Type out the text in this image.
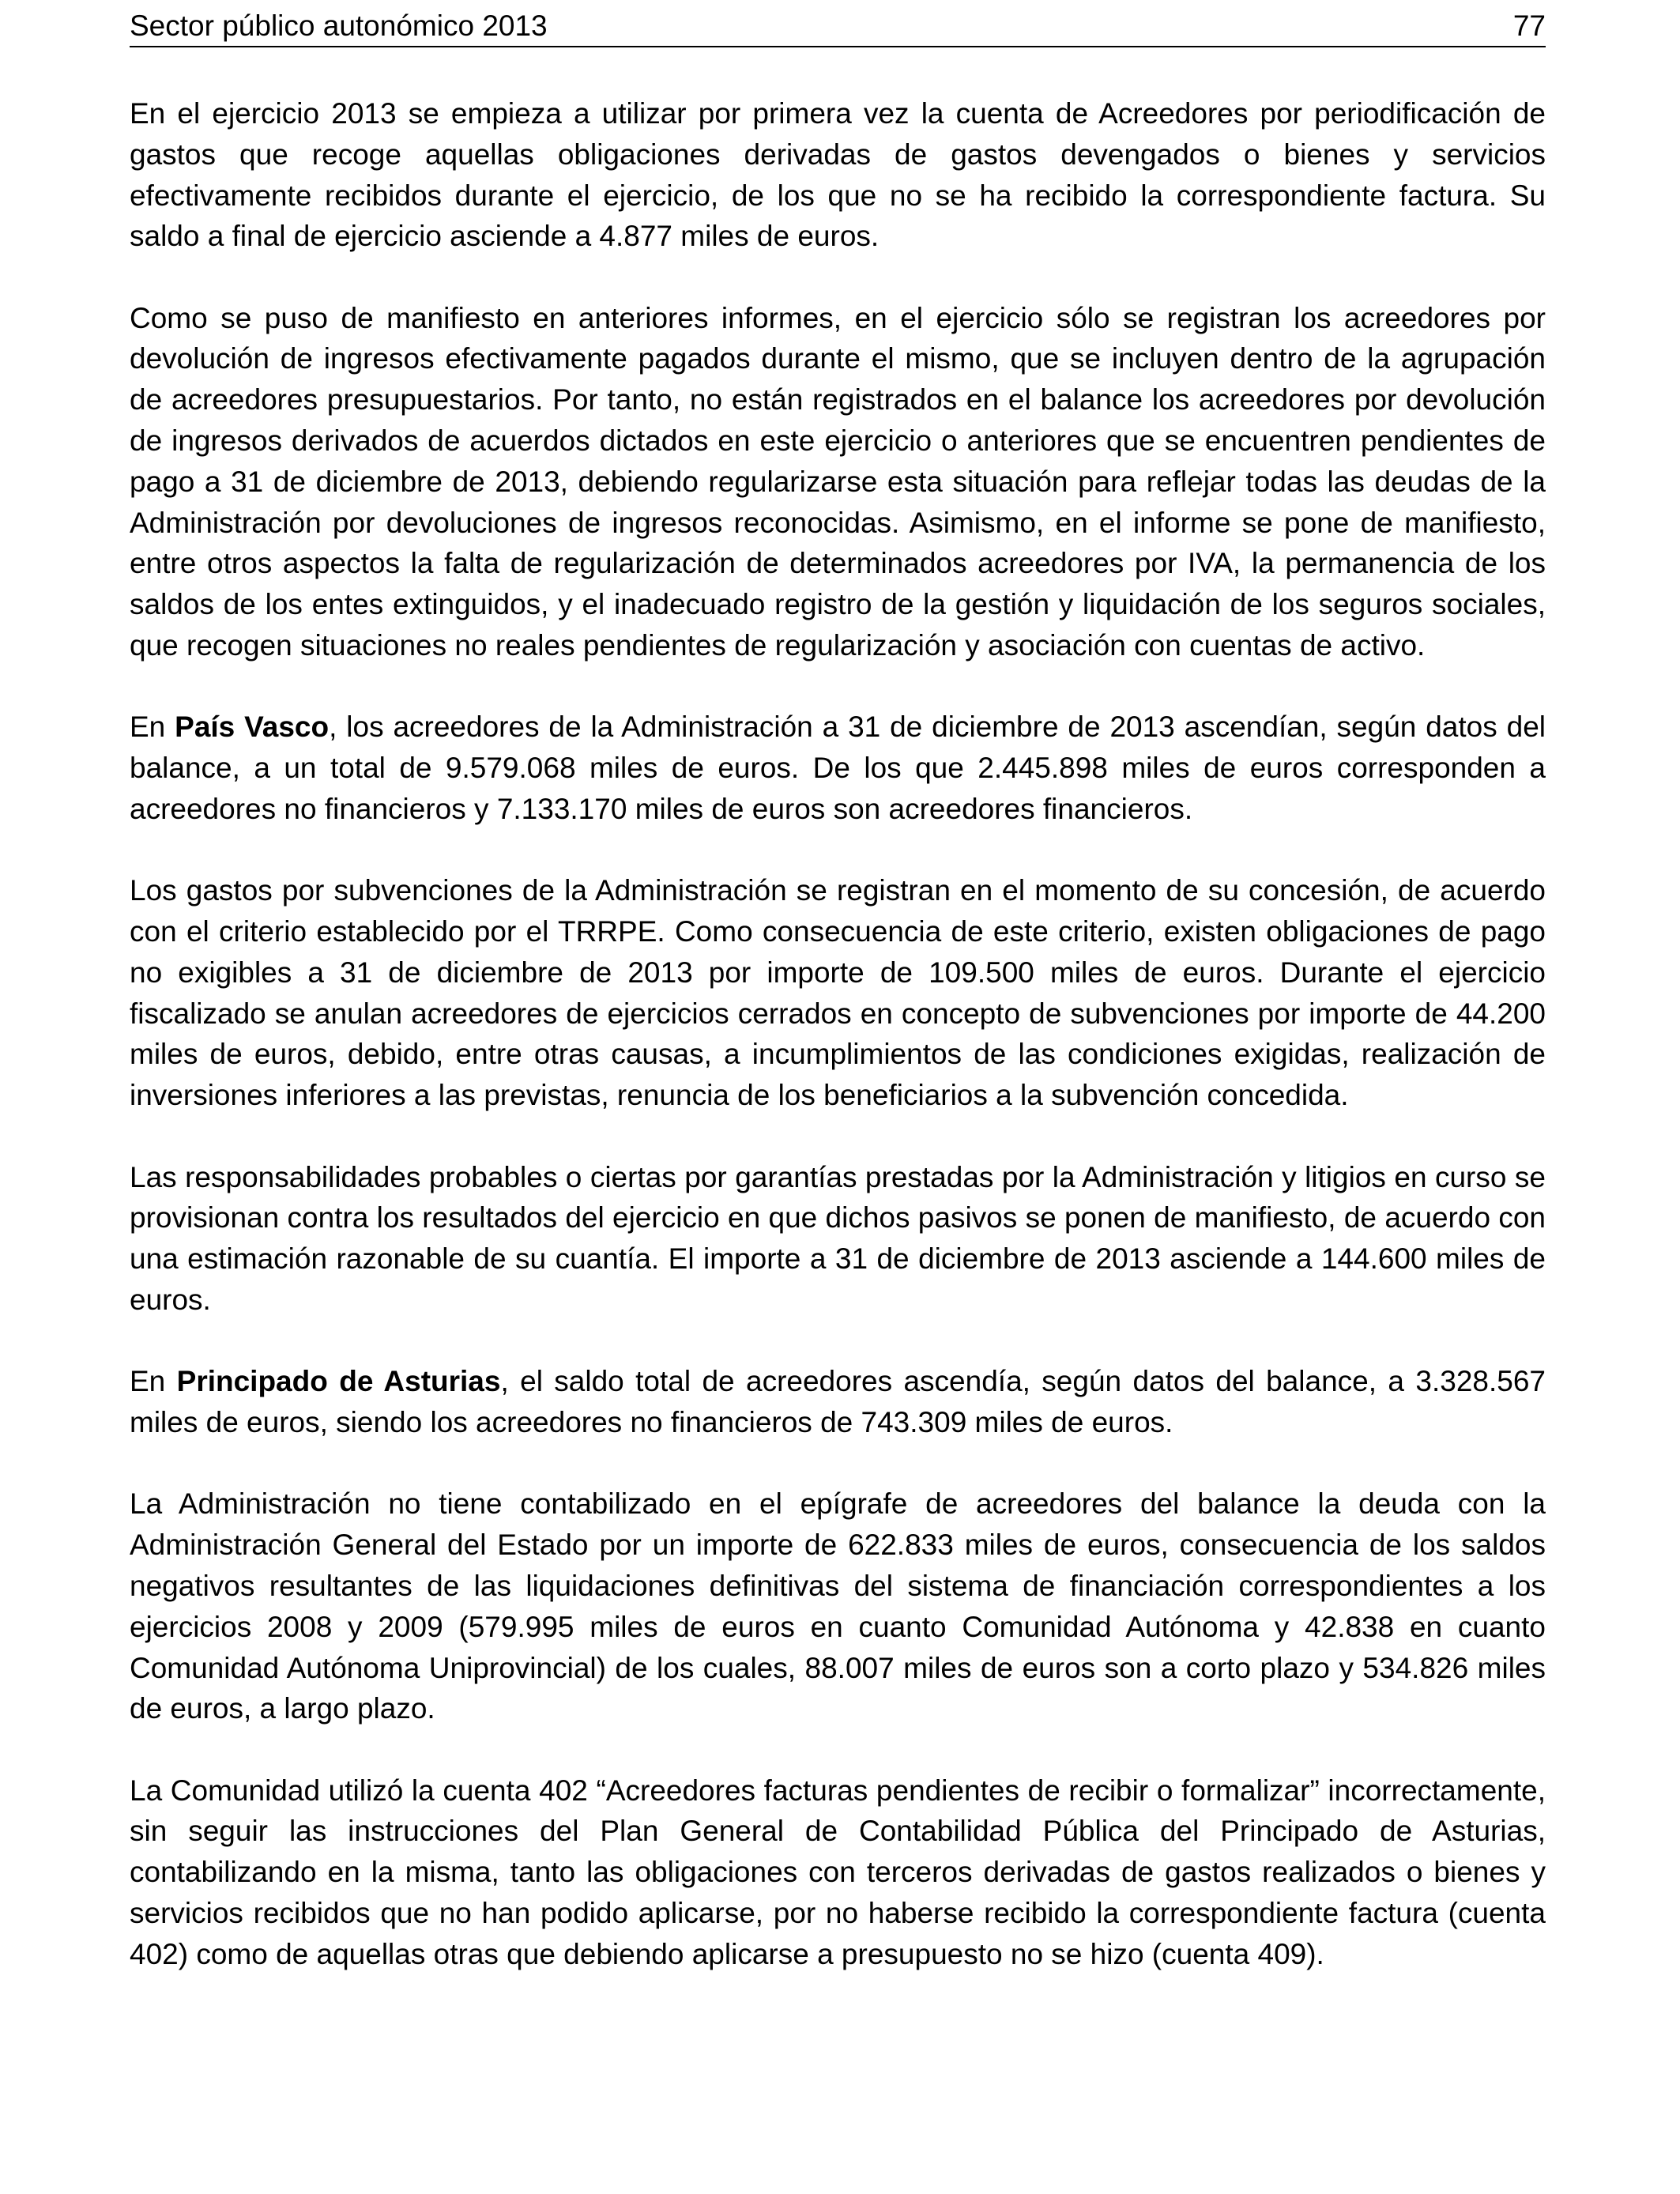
Sector público autonómico 2013	77

En el ejercicio 2013 se empieza a utilizar por primera vez la cuenta de Acreedores por periodificación de gastos que recoge aquellas obligaciones derivadas de gastos devengados o bienes y servicios efectivamente recibidos durante el ejercicio, de los que no se ha recibido la correspondiente factura. Su saldo a final de ejercicio asciende a 4.877 miles de euros.

Como se puso de manifiesto en anteriores informes, en el ejercicio sólo se registran los acreedores por devolución de ingresos efectivamente pagados durante el mismo, que se incluyen dentro de la agrupación de acreedores presupuestarios. Por tanto, no están registrados en el balance los acreedores por devolución de ingresos derivados de acuerdos dictados en este ejercicio o anteriores que se encuentren pendientes de pago a 31 de diciembre de 2013, debiendo regularizarse esta situación para reflejar todas las deudas de la Administración por devoluciones de ingresos reconocidas. Asimismo, en el informe se pone de manifiesto, entre otros aspectos la falta de regularización de determinados acreedores por IVA, la permanencia de los saldos de los entes extinguidos, y el inadecuado registro de la gestión y liquidación de los seguros sociales, que recogen situaciones no reales pendientes de regularización y asociación con cuentas de activo.

En País Vasco, los acreedores de la Administración a 31 de diciembre de 2013 ascendían, según datos del balance, a un total de 9.579.068 miles de euros. De los que 2.445.898 miles de euros corresponden a acreedores no financieros y 7.133.170 miles de euros son acreedores financieros.

Los gastos por subvenciones de la Administración se registran en el momento de su concesión, de acuerdo con el criterio establecido por el TRRPE. Como consecuencia de este criterio, existen obligaciones de pago no exigibles a 31 de diciembre de 2013 por importe de 109.500 miles de euros. Durante el ejercicio fiscalizado se anulan acreedores de ejercicios cerrados en concepto de subvenciones por importe de 44.200 miles de euros, debido, entre otras causas, a incumplimientos de las condiciones exigidas, realización de inversiones inferiores a las previstas, renuncia de los beneficiarios a la subvención concedida.

Las responsabilidades probables o ciertas por garantías prestadas por la Administración y litigios en curso se provisionan contra los resultados del ejercicio en que dichos pasivos se ponen de manifiesto, de acuerdo con una estimación razonable de su cuantía. El importe a 31 de diciembre de 2013 asciende a 144.600 miles de euros.

En Principado de Asturias, el saldo total de acreedores ascendía, según datos del balance, a 3.328.567 miles de euros, siendo los acreedores no financieros de 743.309 miles de euros.

La Administración no tiene contabilizado en el epígrafe de acreedores del balance la deuda con la Administración General del Estado por un importe de 622.833 miles de euros, consecuencia de los saldos negativos resultantes de las liquidaciones definitivas del sistema de financiación correspondientes a los ejercicios 2008 y 2009 (579.995 miles de euros en cuanto Comunidad Autónoma y 42.838 en cuanto Comunidad Autónoma Uniprovincial) de los cuales, 88.007 miles de euros son a corto plazo y 534.826 miles de euros, a largo plazo.

La Comunidad utilizó la cuenta 402 “Acreedores facturas pendientes de recibir o formalizar” incorrectamente, sin seguir las instrucciones del Plan General de Contabilidad Pública del Principado de Asturias, contabilizando en la misma, tanto las obligaciones con terceros derivadas de gastos realizados o bienes y servicios recibidos que no han podido aplicarse, por no haberse recibido la correspondiente factura (cuenta 402) como de aquellas otras que debiendo aplicarse a presupuesto no se hizo (cuenta 409).
